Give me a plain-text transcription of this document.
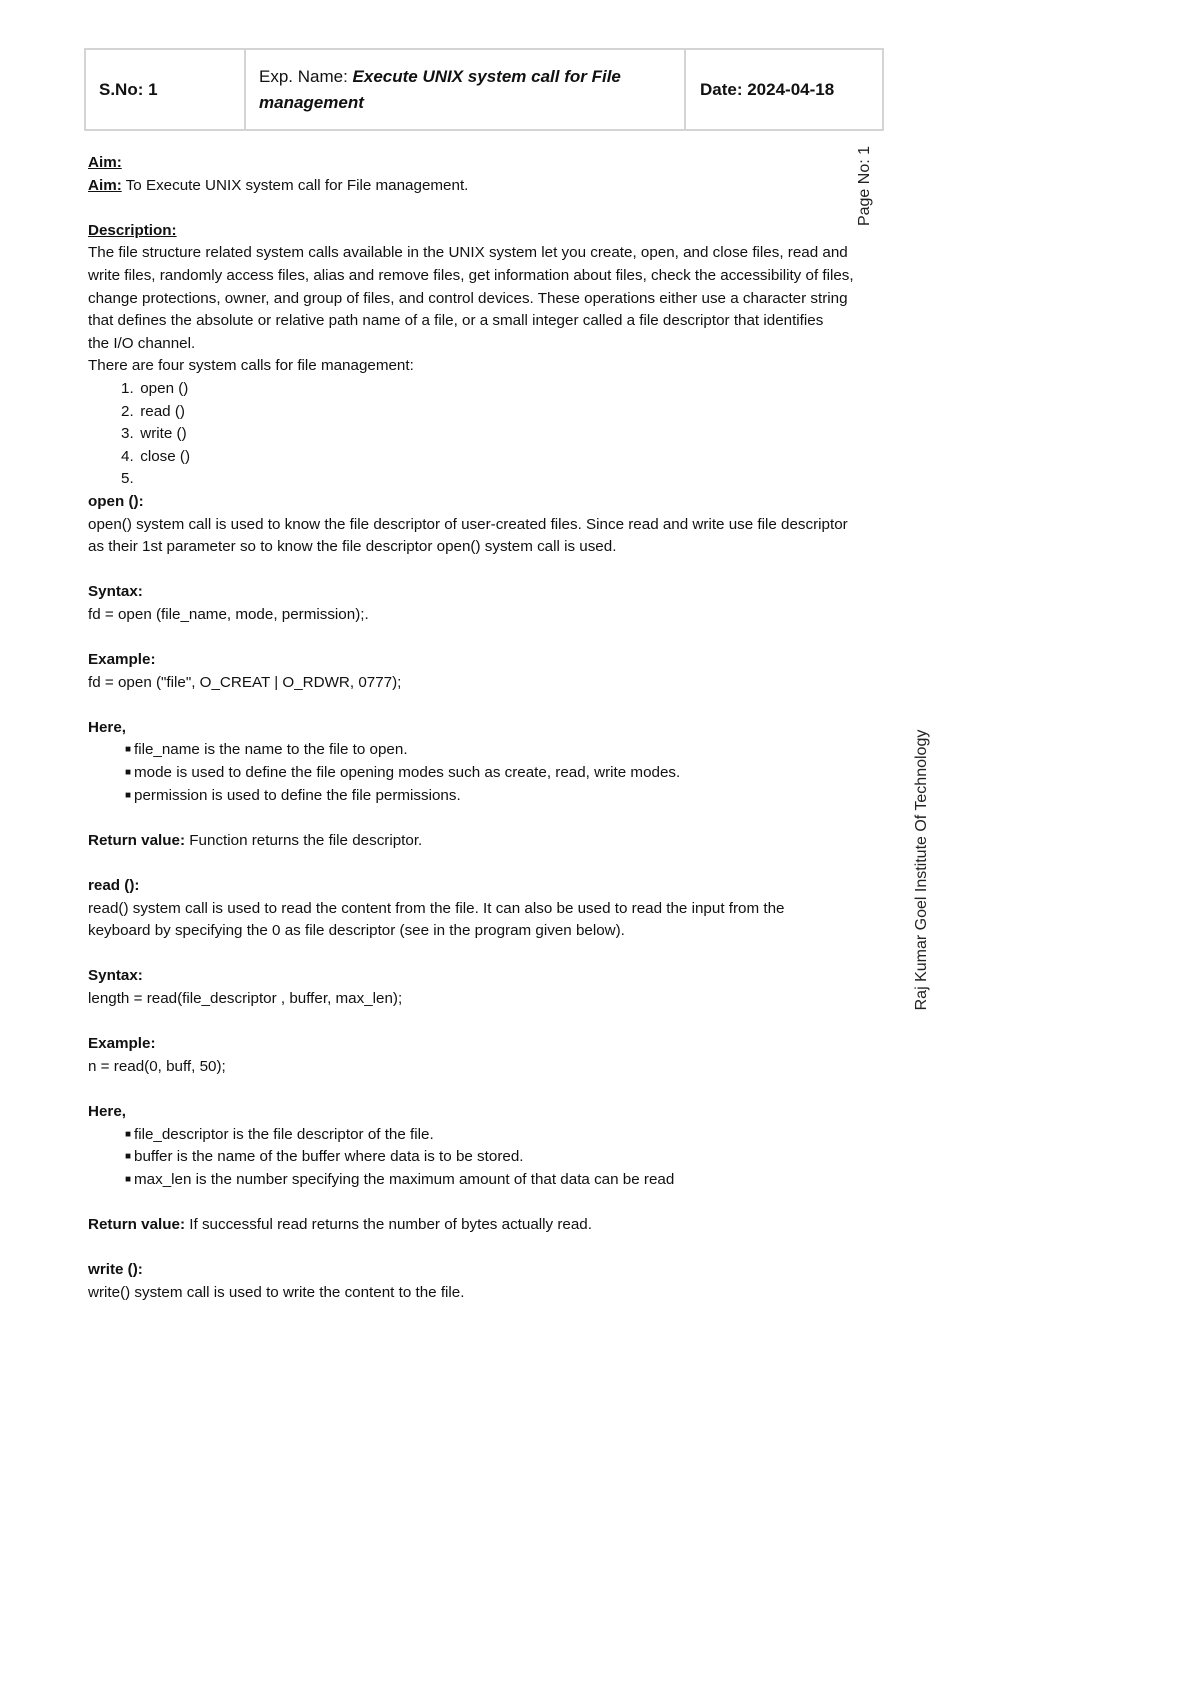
S.No: 1
Exp. Name: Execute UNIX system call for File management
Date: 2024-04-18
Page No: 1
Raj Kumar Goel Institute Of Technology

Aim:

Aim: To Execute UNIX system call for File management.

Description:

The file structure related system calls available in the UNIX system let you create, open, and close files, read and

write files, randomly access files, alias and remove files, get information about files, check the accessibility of files,

change protections, owner, and group of files, and control devices. These operations either use a character string

that defines the absolute or relative path name of a file, or a small integer called a file descriptor that identifies

the I/O channel.

There are four system calls for file management:

1. open ()
2. read ()
3. write ()
4. close ()
5.

open ():

open() system call is used to know the file descriptor of user-created files. Since read and write use file descriptor

as their 1st parameter so to know the file descriptor open() system call is used.

Syntax:

fd = open (file_name, mode, permission);.

Example:

fd = open ("file", O_CREAT | O_RDWR, 0777);

Here,

■ file_name is the name to the file to open.
■ mode is used to define the file opening modes such as create, read, write modes.
■ permission is used to define the file permissions.

Return value: Function returns the file descriptor.

read ():

read() system call is used to read the content from the file. It can also be used to read the input from the

keyboard by specifying the 0 as file descriptor (see in the program given below).

Syntax:

length = read(file_descriptor , buffer, max_len);

Example:

n = read(0, buff, 50);

Here,

■ file_descriptor is the file descriptor of the file.
■ buffer is the name of the buffer where data is to be stored.
■ max_len is the number specifying the maximum amount of that data can be read

Return value: If successful read returns the number of bytes actually read.

write ():

write() system call is used to write the content to the file.
